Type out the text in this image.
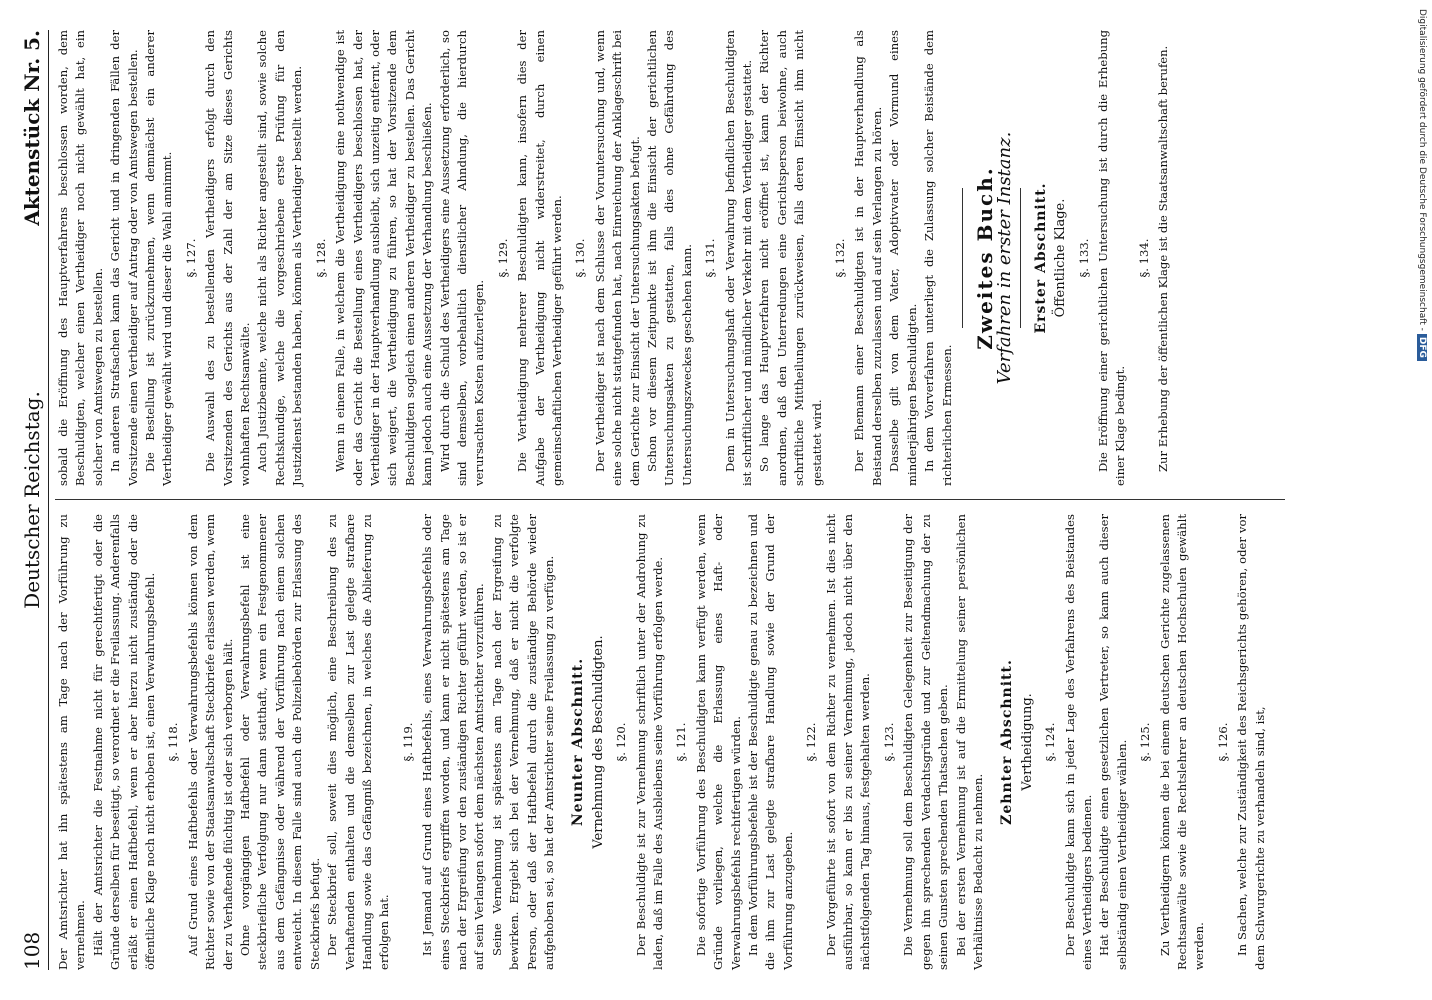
108
Deutscher Reichstag.
Aktenstück Nr. 5.

Der Amtsrichter hat ihn spätestens am Tage nach der Vorführung zu vernehmen. Hält der Amtsrichter die Festnahme nicht für gerechtfertigt oder die Gründe derselben für beseitigt, so verordnet er die Freilassung. Anderenfalls erläßt er einen Haftbefehl, wenn er aber hierzu nicht zuständig oder die öffentliche Klage noch nicht erhoben ist, einen Verwahrungsbefehl. §. 118. Auf Grund eines Haftbefehls oder Verwahrungsbefehls können von dem Richter sowie von der Staatsanwaltschaft Steckbriefe erlassen werden, wenn der zu Verhaftende flüchtig ist oder sich verborgen hält. Ohne vorgängigen Haftbefehl oder Verwahrungsbefehl ist eine steckbriefliche Verfolgung nur dann statthaft, wenn ein Festgenommener aus dem Gefängnisse oder während der Vorführung nach einem solchen entweicht. In diesem Falle sind auch die Polizeibehörden zur Erlassung des Steckbriefs befugt. Der Steckbrief soll, soweit dies möglich, eine Beschreibung des zu Verhaftenden enthalten und die demselben zur Last gelegte strafbare Handlung sowie das Gefängniß bezeichnen, in welches die Ablieferung zu erfolgen hat.

§. 119. Ist Jemand auf Grund eines Haftbefehls, eines Verwahrungsbefehls oder eines Steckbriefs ergriffen worden, und kann er nicht spätestens am Tage nach der Ergreifung vor den zuständigen Richter geführt werden, so ist er auf sein Verlangen sofort dem nächsten Amtsrichter vorzuführen. Seine Vernehmung ist spätestens am Tage nach der Ergreifung zu bewirken. Ergiebt sich bei der Vernehmung, daß er nicht die verfolgte Person, oder daß der Haftbefehl durch die zuständige Behörde wieder aufgehoben sei, so hat der Amtsrichter seine Freilassung zu verfügen. Neunter Abschnitt. Vernehmung des Beschuldigten. §. 120. Der Beschuldigte ist zur Vernehmung schriftlich unter der Androhung zu laden, daß im Falle des Ausbleibens seine Vorführung erfolgen werde. §. 121. Die sofortige Vorführung des Beschuldigten kann verfügt werden, wenn Gründe vorliegen, welche die Erlassung eines Haft- oder Verwahrungsbefehls rechtfertigen würden. In dem Vorführungsbefehle ist der Beschuldigte genau zu bezeichnen und die ihm zur Last gelegte strafbare Handlung sowie der Grund der Vorführung anzugeben.

§. 122. Der Vorgeführte ist sofort von dem Richter zu vernehmen. Ist dies nicht ausführbar, so kann er bis zu seiner Vernehmung, jedoch nicht über den nächstfolgenden Tag hinaus, festgehalten werden. §. 123. Die Vernehmung soll dem Beschuldigten Gelegenheit zur Beseitigung der gegen ihn sprechenden Verdachtsgründe und zur Geltendmachung der zu seinen Gunsten sprechenden Thatsachen geben. Bei der ersten Vernehmung ist auf die Ermittelung seiner persönlichen Verhältnisse Bedacht zu nehmen.

Zehnter Abschnitt. Vertheidigung. §. 124. Der Beschuldigte kann sich in jeder Lage des Verfahrens des Beistandes eines Vertheidigers bedienen. Hat der Beschuldigte einen gesetzlichen Vertreter, so kann auch dieser selbständig einen Vertheidiger wählen. §. 125. Zu Vertheidigern können die bei einem deutschen Gerichte zugelassenen Rechtsanwälte sowie die Rechtslehrer an deutschen Hochschulen gewählt werden.

§. 126. In Sachen, welche zur Zuständigkeit des Reichsgerichts gehören, oder vor dem Schwurgerichte zu verhandeln sind, ist,

sobald die Eröffnung des Hauptverfahrens beschlossen worden, dem Beschuldigten, welcher einen Vertheidiger noch nicht gewählt hat, ein solcher von Amtswegen zu bestellen. In anderen Strafsachen kann das Gericht und in dringenden Fällen der Vorsitzende einen Vertheidiger auf Antrag oder von Amtswegen bestellen. Die Bestellung ist zurückzunehmen, wenn demnächst ein anderer Vertheidiger gewählt wird und dieser die Wahl annimmt. §. 127. Die Auswahl des zu bestellenden Vertheidigers erfolgt durch den Vorsitzenden des Gerichts aus der Zahl der am Sitze dieses Gerichts wohnhaften Rechtsanwälte. Auch Justizbeamte, welche nicht als Richter angestellt sind, sowie solche Rechtskundige, welche die vorgeschriebene erste Prüfung für den Justizdienst bestanden haben, können als Vertheidiger bestellt werden. §. 128. Wenn in einem Falle, in welchem die Vertheidigung eine nothwendige ist oder das Gericht die Bestellung eines Vertheidigers beschlossen hat, der Vertheidiger in der Hauptverhandlung ausbleibt, sich unzeitig entfernt, oder sich weigert, die Vertheidigung zu führen, so hat der Vorsitzende dem Beschuldigten sogleich einen anderen Vertheidiger zu bestellen. Das Gericht kann jedoch auch eine Aussetzung der Verhandlung beschließen. Wird durch die Schuld des Vertheidigers eine Aussetzung erforderlich, so sind demselben, vorbehaltlich dienstlicher Ahndung, die hierdurch verursachten Kosten aufzuerlegen.

§. 129. Die Vertheidigung mehrerer Beschuldigten kann, insofern dies der Aufgabe der Vertheidigung nicht widerstreitet, durch einen gemeinschaftlichen Vertheidiger geführt werden. §. 130. Der Vertheidiger ist nach dem Schlusse der Voruntersuchung und, wenn eine solche nicht stattgefunden hat, nach Einreichung der Anklageschrift bei dem Gerichte zur Einsicht der Untersuchungsakten befugt. Schon vor diesem Zeitpunkte ist ihm die Einsicht der gerichtlichen Untersuchungsakten zu gestatten, falls dies ohne Gefährdung des Untersuchungszweckes geschehen kann. §. 131. Dem in Untersuchungshaft oder Verwahrung befindlichen Beschuldigten ist schriftlicher und mündlicher Verkehr mit dem Vertheidiger gestattet. So lange das Hauptverfahren nicht eröffnet ist, kann der Richter anordnen, daß den Unterredungen eine Gerichtsperson beiwohne, auch schriftliche Mittheilungen zurückweisen, falls deren Einsicht ihm nicht gestattet wird.

§. 132. Der Ehemann einer Beschuldigten ist in der Hauptverhandlung als Beistand derselben zuzulassen und auf sein Verlangen zu hören. Dasselbe gilt von dem Vater, Adoptivvater oder Vormund eines minderjährigen Beschuldigten. In dem Vorverfahren unterliegt die Zulassung solcher Beistände dem richterlichen Ermessen.

Zweites Buch.
Verfahren in erster Instanz. Erster Abschnitt. Öffentliche Klage. §. 133. Die Eröffnung einer gerichtlichen Untersuchung ist durch die Erhebung einer Klage bedingt.

§. 134. Zur Erhebung der öffentlichen Klage ist die Staatsanwaltschaft berufen.	Digitalisierung gefördert durch die Deutsche Forschungsgemeinschaft -DFG
